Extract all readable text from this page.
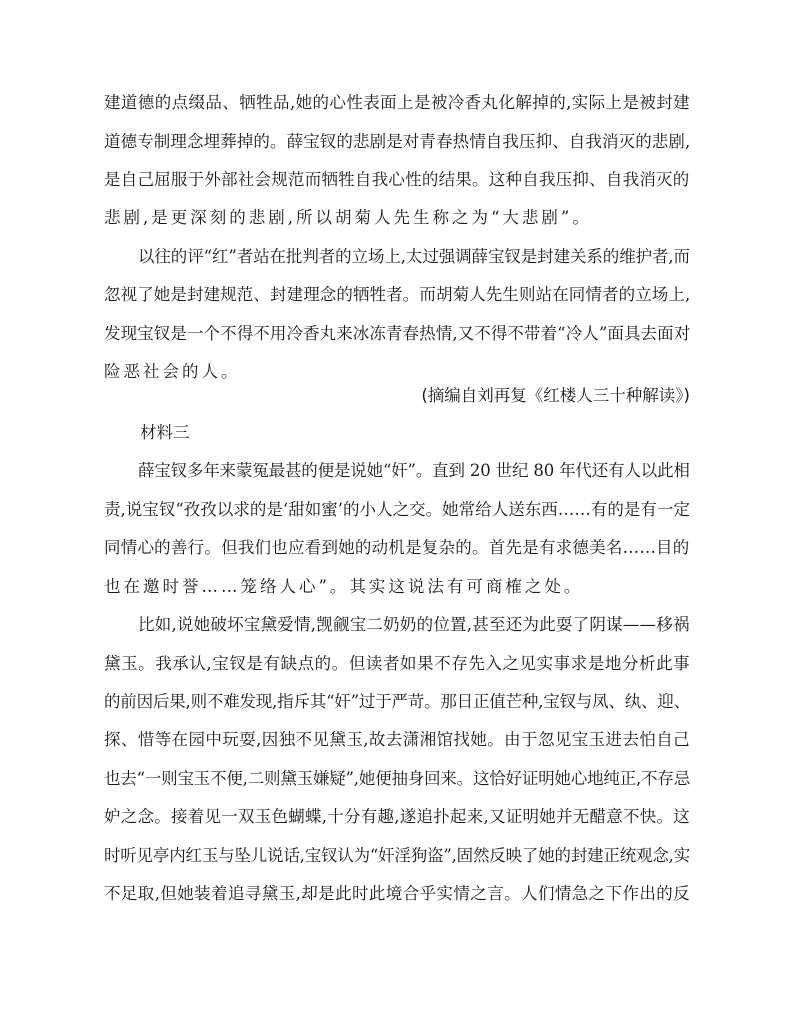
建道德的点缀品、牺牲品,她的心性表面上是被冷香丸化解掉的,实际上是被封建
道德专制理念埋葬掉的。薛宝钗的悲剧是对青春热情自我压抑、自我消灭的悲剧,
是自己屈服于外部社会规范而牺牲自我心性的结果。这种自我压抑、自我消灭的
悲剧,是更深刻的悲剧,所以胡菊人先生称之为“大悲剧”。
以往的评“红”者站在批判者的立场上,太过强调薛宝钗是封建关系的维护者,而
忽视了她是封建规范、封建理念的牺牲者。而胡菊人先生则站在同情者的立场上,
发现宝钗是一个不得不用冷香丸来冰冻青春热情,又不得不带着“冷人”面具去面对
险恶社会的人。
(摘编自刘再复《红楼人三十种解读》)
材料三
薛宝钗多年来蒙冤最甚的便是说她“奸”。直到 20 世纪 80 年代还有人以此相
责,说宝钗“孜孜以求的是‘甜如蜜’的小人之交。她常给人送东西……有的是有一定
同情心的善行。但我们也应看到她的动机是复杂的。首先是有求德美名……目的
也在邀时誉……笼络人心”。其实这说法有可商榷之处。
比如,说她破坏宝黛爱情,觊觎宝二奶奶的位置,甚至还为此耍了阴谋——移祸
黛玉。我承认,宝钗是有缺点的。但读者如果不存先入之见实事求是地分析此事
的前因后果,则不难发现,指斥其“奸”过于严苛。那日正值芒种,宝钗与凤、纨、迎、
探、惜等在园中玩耍,因独不见黛玉,故去潇湘馆找她。由于忽见宝玉进去怕自己
也去“一则宝玉不便,二则黛玉嫌疑”,她便抽身回来。这恰好证明她心地纯正,不存忌
妒之念。接着见一双玉色蝴蝶,十分有趣,遂追扑起来,又证明她并无醋意不快。这
时听见亭内红玉与坠儿说话,宝钗认为“奸淫狗盗”,固然反映了她的封建正统观念,实
不足取,但她装着追寻黛玉,却是此时此境合乎实情之言。人们情急之下作出的反
